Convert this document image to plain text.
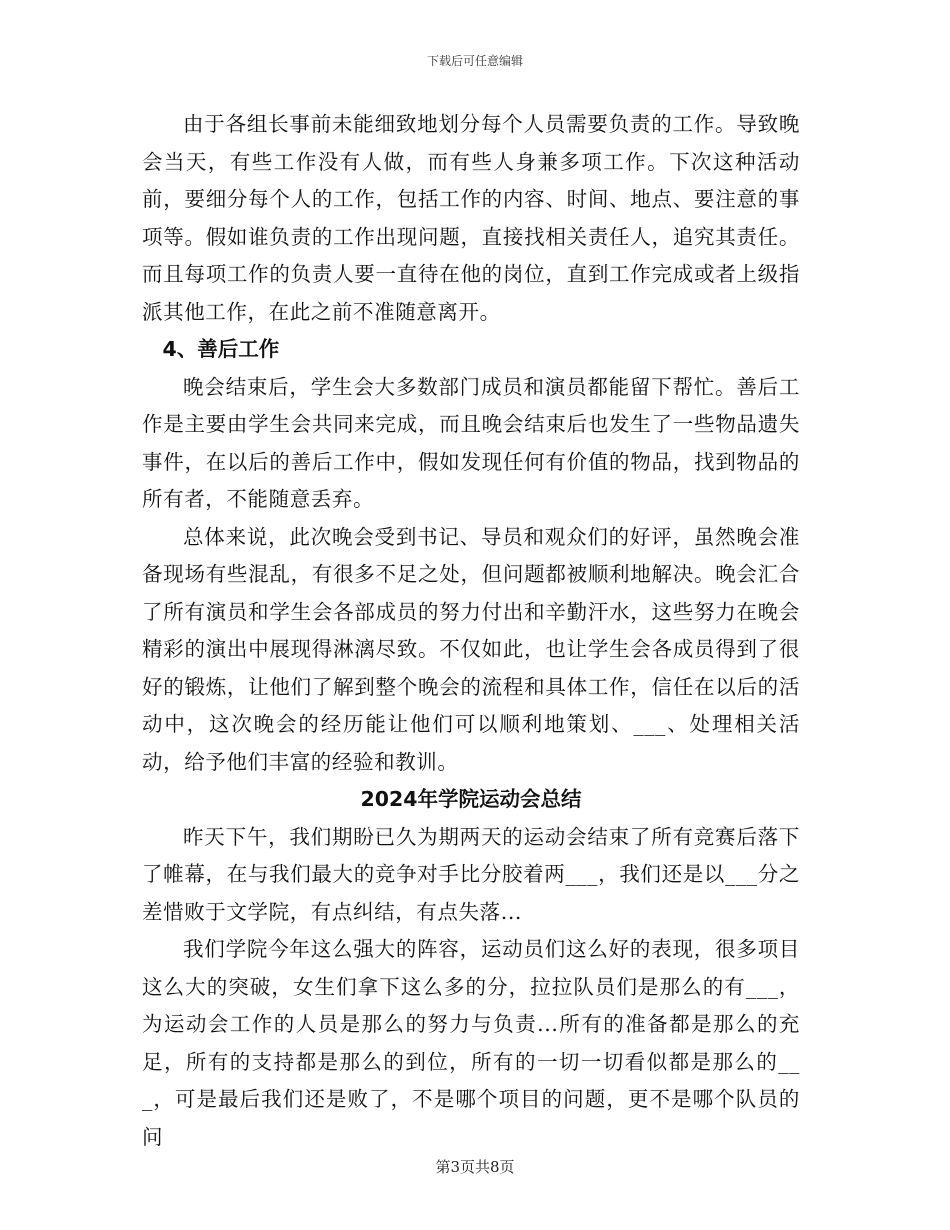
下载后可任意编辑

由于各组长事前未能细致地划分每个人员需要负责的工作。导致晚会当天，有些工作没有人做，而有些人身兼多项工作。下次这种活动前，要细分每个人的工作，包括工作的内容、时间、地点、要注意的事项等。假如谁负责的工作出现问题，直接找相关责任人，追究其责任。而且每项工作的负责人要一直待在他的岗位，直到工作完成或者上级指派其他工作，在此之前不准随意离开。

4、善后工作

晚会结束后，学生会大多数部门成员和演员都能留下帮忙。善后工作是主要由学生会共同来完成，而且晚会结束后也发生了一些物品遗失事件，在以后的善后工作中，假如发现任何有价值的物品，找到物品的所有者，不能随意丢弃。

总体来说，此次晚会受到书记、导员和观众们的好评，虽然晚会准备现场有些混乱，有很多不足之处，但问题都被顺利地解决。晚会汇合了所有演员和学生会各部成员的努力付出和辛勤汗水，这些努力在晚会精彩的演出中展现得淋漓尽致。不仅如此，也让学生会各成员得到了很好的锻炼，让他们了解到整个晚会的流程和具体工作，信任在以后的活动中，这次晚会的经历能让他们可以顺利地策划、___、处理相关活动，给予他们丰富的经验和教训。

2024年学院运动会总结

昨天下午，我们期盼已久为期两天的运动会结束了所有竞赛后落下了帷幕，在与我们最大的竞争对手比分胶着两___，我们还是以___分之差惜败于文学院，有点纠结，有点失落...

我们学院今年这么强大的阵容，运动员们这么好的表现，很多项目这么大的突破，女生们拿下这么多的分，拉拉队员们是那么的有___，为运动会工作的人员是那么的努力与负责...所有的准备都是那么的充足，所有的支持都是那么的到位，所有的一切一切看似都是那么的___，可是最后我们还是败了，不是哪个项目的问题，更不是哪个队员的问

第3页共8页
